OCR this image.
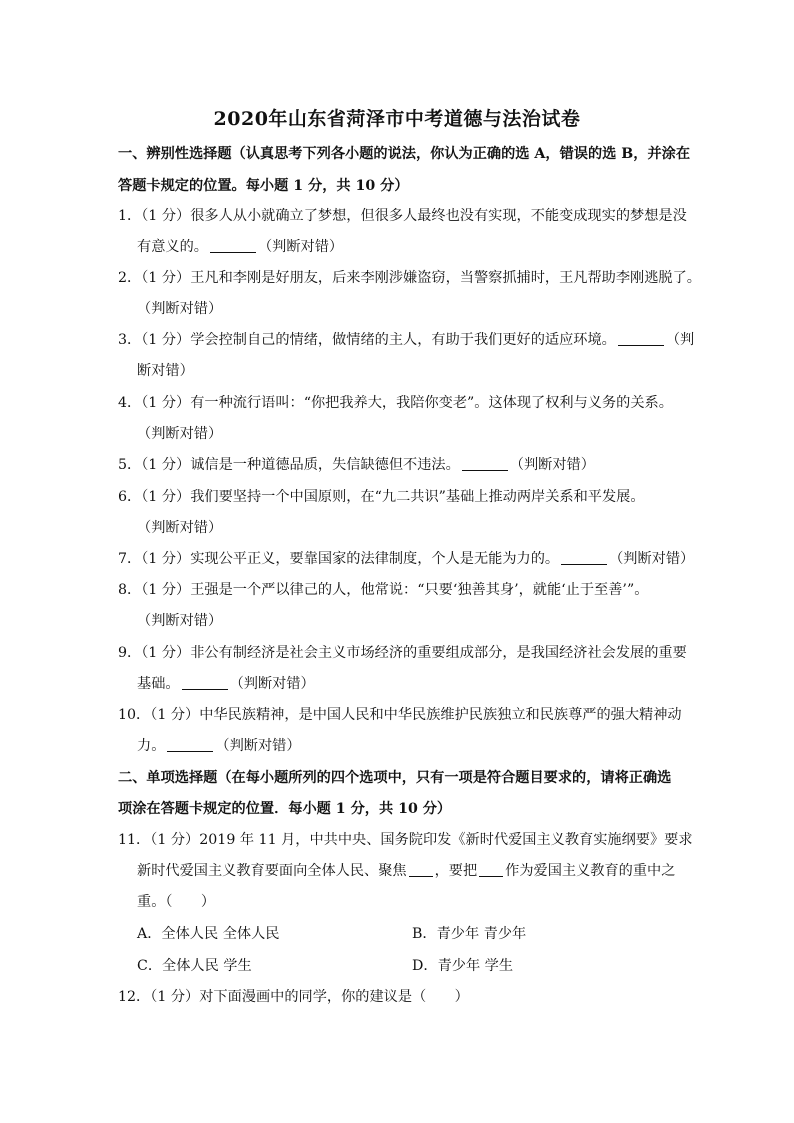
2020年山东省菏泽市中考道德与法治试卷
一、辨别性选择题（认真思考下列各小题的说法，你认为正确的选 A，错误的选 B，并涂在
答题卡规定的位置。每小题 1 分，共 10 分）
1．（1 分）很多人从小就确立了梦想，但很多人最终也没有实现，不能变成现实的梦想是没
有意义的。	（判断对错）
2．（1 分）王凡和李刚是好朋友，后来李刚涉嫌盗窃，当警察抓捕时，王凡帮助李刚逃脱了。
（判断对错）
3．（1 分）学会控制自己的情绪，做情绪的主人，有助于我们更好的适应环境。	（判
断对错）
4．（1 分）有一种流行语叫：“你把我养大，我陪你变老”。这体现了权利与义务的关系。
（判断对错）
5．（1 分）诚信是一种道德品质，失信缺德但不违法。	（判断对错）
6．（1 分）我们要坚持一个中国原则，在“九二共识”基础上推动两岸关系和平发展。
（判断对错）
7．（1 分）实现公平正义，要靠国家的法律制度，个人是无能为力的。	（判断对错）
8．（1 分）王强是一个严以律己的人，他常说：“只要‘独善其身’，就能‘止于至善’”。
（判断对错）
9．（1 分）非公有制经济是社会主义市场经济的重要组成部分，是我国经济社会发展的重要
基础。	（判断对错）
10．（1 分）中华民族精神，是中国人民和中华民族维护民族独立和民族尊严的强大精神动
力。	（判断对错）
二、单项选择题（在每小题所列的四个选项中，只有一项是符合题目要求的，请将正确选
项涂在答题卡规定的位置．每小题 1 分，共 10 分）
11．（1 分）2019 年 11 月，中共中央、国务院印发《新时代爱国主义教育实施纲要》要求
新时代爱国主义教育要面向全体人民、聚焦 ，要把 作为爱国主义教育的重中之
重。（　　）
A．全体人民 全体人民	B．青少年 青少年
C．全体人民 学生	D．青少年 学生
12．（1 分）对下面漫画中的同学，你的建议是（　　）
